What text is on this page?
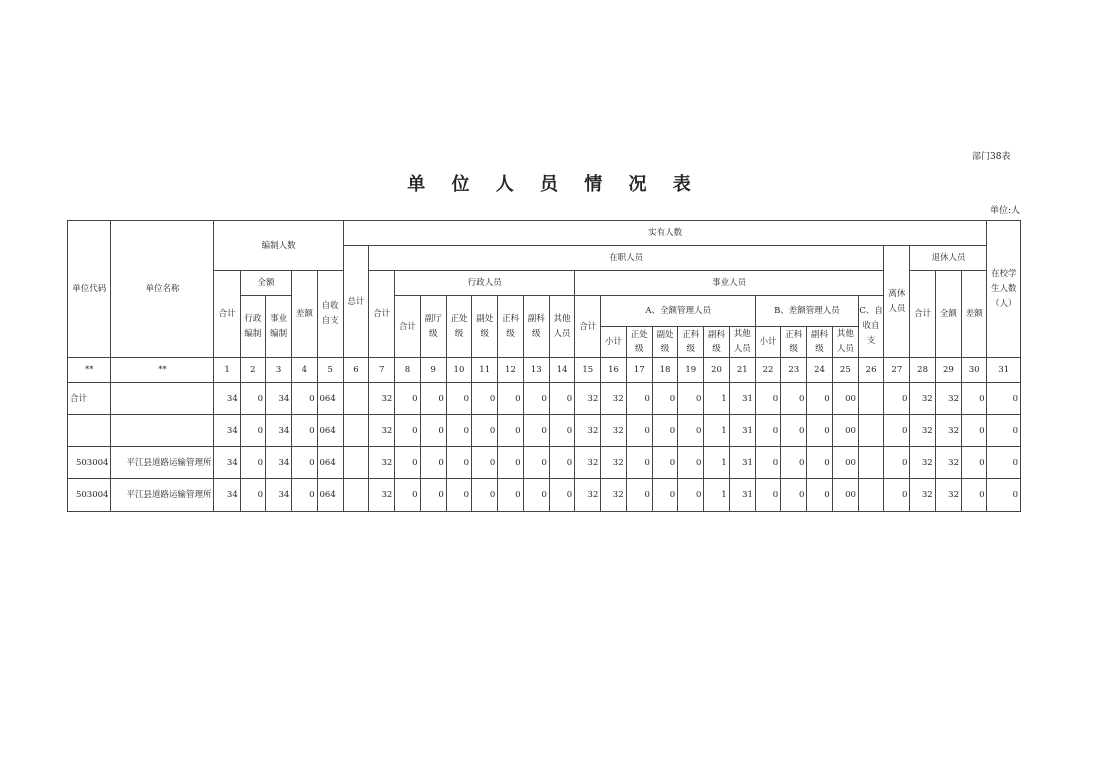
部门38表
单 位 人 员 情 况 表
单位:人
单位代码	单位名称	编制人数					实有人数																									在校学生人数（人）
							总计	在职人员																				离休人员	退休人员			
		合计	全额		差额	自收自支		合计	行政人员							事业人员													合计	全额	差额	
			行政编制	事业编制					合计	副厅级	正处级	副处级	正科级	副科级	其他人员	合计	A、全额管理人员						B、差额管理人员				C、自收自支					
																	小计	正处级	副处级	正科级	副科级	其他人员	小计	正科级	副科级	其他人员						
**	**	1	2	3	4	5	6	7	8	9	10	11	12	13	14	15	16	17	18	19	20	21	22	23	24	25	26	27	28	29	30	31
合计		34	0	34	0	064		32	0	0	0	0	0	0	0	32	32	0	0	0	1	31	0	0	0	00		0	32	32	0	0
		34	0	34	0	064		32	0	0	0	0	0	0	0	32	32	0	0	0	1	31	0	0	0	00		0	32	32	0	0
503004	平江县道路运输管理所	34	0	34	0	064		32	0	0	0	0	0	0	0	32	32	0	0	0	1	31	0	0	0	00		0	32	32	0	0
503004	平江县道路运输管理所	34	0	34	0	064		32	0	0	0	0	0	0	0	32	32	0	0	0	1	31	0	0	0	00		0	32	32	0	0
